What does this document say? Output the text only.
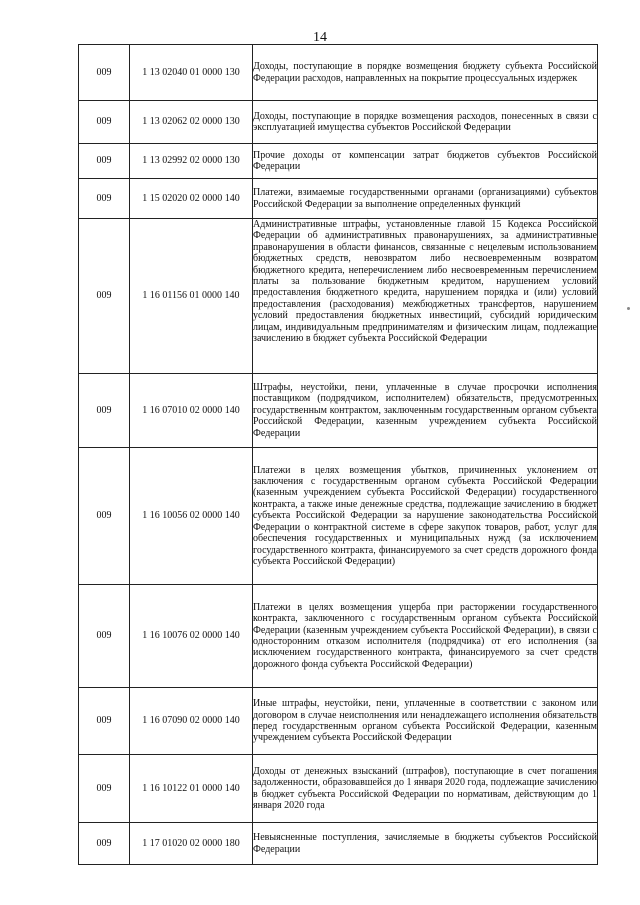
14
009	1 13 02040 01 0000 130	Доходы, поступающие в порядке возмещения бюджету субъекта Российской Федерации расходов, направленных на покрытие процессуальных издержек
009	1 13 02062 02 0000 130	Доходы, поступающие в порядке возмещения расходов, понесенных в связи с эксплуатацией имущества субъектов Российской Федерации
009	1 13 02992 02 0000 130	Прочие доходы от компенсации затрат бюджетов субъектов Российской Федерации
009	1 15 02020 02 0000 140	Платежи, взимаемые государственными органами (организациями) субъектов Российской Федерации за выполнение определенных функций
009	1 16 01156 01 0000 140	Административные штрафы, установленные главой 15 Кодекса Российской Федерации об административных правонарушениях, за административные правонарушения в области финансов, связанные с нецелевым использованием бюджетных средств, невозвратом либо несвоевременным возвратом бюджетного кредита, неперечислением либо несвоевременным перечислением платы за пользование бюджетным кредитом, нарушением условий предоставления бюджетного кредита, нарушением порядка и (или) условий предоставления (расходования) межбюджетных трансфертов, нарушением условий предоставления бюджетных инвестиций, субсидий юридическим лицам, индивидуальным предпринимателям и физическим лицам, подлежащие зачислению в бюджет субъекта Российской Федерации
009	1 16 07010 02 0000 140	Штрафы, неустойки, пени, уплаченные в случае просрочки исполнения поставщиком (подрядчиком, исполнителем) обязательств, предусмотренных государственным контрактом, заключенным государственным органом субъекта Российской Федерации, казенным учреждением субъекта Российской Федерации
009	1 16 10056 02 0000 140	Платежи в целях возмещения убытков, причиненных уклонением от заключения с государственным органом субъекта Российской Федерации (казенным учреждением субъекта Российской Федерации) государственного контракта, а также иные денежные средства, подлежащие зачислению в бюджет субъекта Российской Федерации за нарушение законодательства Российской Федерации о контрактной системе в сфере закупок товаров, работ, услуг для обеспечения государственных и муниципальных нужд (за исключением государственного контракта, финансируемого за счет средств дорожного фонда субъекта Российской Федерации)
009	1 16 10076 02 0000 140	Платежи в целях возмещения ущерба при расторжении государственного контракта, заключенного с государственным органом субъекта Российской Федерации (казенным учреждением субъекта Российской Федерации), в связи с односторонним отказом исполнителя (подрядчика) от его исполнения (за исключением государственного контракта, финансируемого за счет средств дорожного фонда субъекта Российской Федерации)
009	1 16 07090 02 0000 140	Иные штрафы, неустойки, пени, уплаченные в соответствии с законом или договором в случае неисполнения или ненадлежащего исполнения обязательств перед государственным органом субъекта Российской Федерации, казенным учреждением субъекта Российской Федерации
009	1 16 10122 01 0000 140	Доходы от денежных взысканий (штрафов), поступающие в счет погашения задолженности, образовавшейся до 1 января 2020 года, подлежащие зачислению в бюджет субъекта Российской Федерации по нормативам, действующим до 1 января 2020 года
009	1 17 01020 02 0000 180	Невыясненные поступления, зачисляемые в бюджеты субъектов Российской Федерации
